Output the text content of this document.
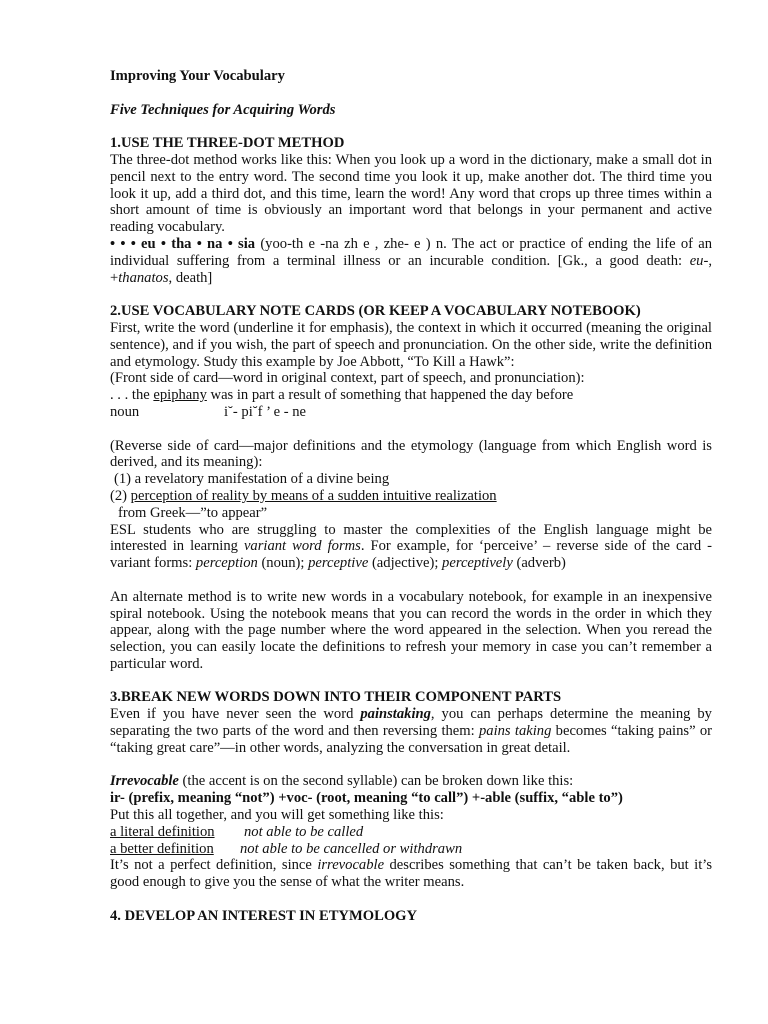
Improving Your Vocabulary

Five Techniques for Acquiring Words

1.USE THE THREE-DOT METHOD

The three-dot method works like this: When you look up a word in the dictionary, make a small dot in pencil next to the entry word. The second time you look it up, make another dot. The third time you look it up, add a third dot, and this time, learn the word! Any word that crops up three times within a short amount of time is obviously an important word that belongs in your permanent and active reading vocabulary.

• • • eu • tha • na • sia (yoo-th e -na zh e , zhe- e ) n. The act or practice of ending the life of an individual suffering from a terminal illness or an incurable condition. [Gk., a good death: eu-, +thanatos, death]

2.USE VOCABULARY NOTE CARDS (OR KEEP A VOCABULARY NOTEBOOK)

First, write the word (underline it for emphasis), the context in which it occurred (meaning the original sentence), and if you wish, the part of speech and pronunciation. On the other side, write the definition and etymology. Study this example by Joe Abbott, “To Kill a Hawk”:

(Front side of card—word in original context, part of speech, and pronunciation):

. . . the epiphany was in part a result of something that happened the day before

noun	i˘- pi˘f ’ e - ne

(Reverse side of card—major definitions and the etymology (language from which English word is derived, and its meaning):

(1) a revelatory manifestation of a divine being

(2) perception of reality by means of a sudden intuitive realization

from Greek—”to appear”

ESL students who are struggling to master the complexities of the English language might be interested in learning variant word forms. For example, for ‘perceive’ – reverse side of the card - variant forms: perception (noun); perceptive (adjective); perceptively (adverb)

An alternate method is to write new words in a vocabulary notebook, for example in an inexpensive spiral notebook. Using the notebook means that you can record the words in the order in which they appear, along with the page number where the word appeared in the selection. When you reread the selection, you can easily locate the definitions to refresh your memory in case you can’t remember a particular word.

3.BREAK NEW WORDS DOWN INTO THEIR COMPONENT PARTS

Even if you have never seen the word painstaking, you can perhaps determine the meaning by separating the two parts of the word and then reversing them: pains taking becomes “taking pains” or “taking great care”—in other words, analyzing the conversation in great detail.

Irrevocable (the accent is on the second syllable) can be broken down like this:

ir- (prefix, meaning “not”) +voc- (root, meaning “to call”) +-able (suffix, “able to”)

Put this all together, and you will get something like this:

a literal definition not able to be called

a better definition not able to be cancelled or withdrawn

It’s not a perfect definition, since irrevocable describes something that can’t be taken back, but it’s good enough to give you the sense of what the writer means.

4. DEVELOP AN INTEREST IN ETYMOLOGY
